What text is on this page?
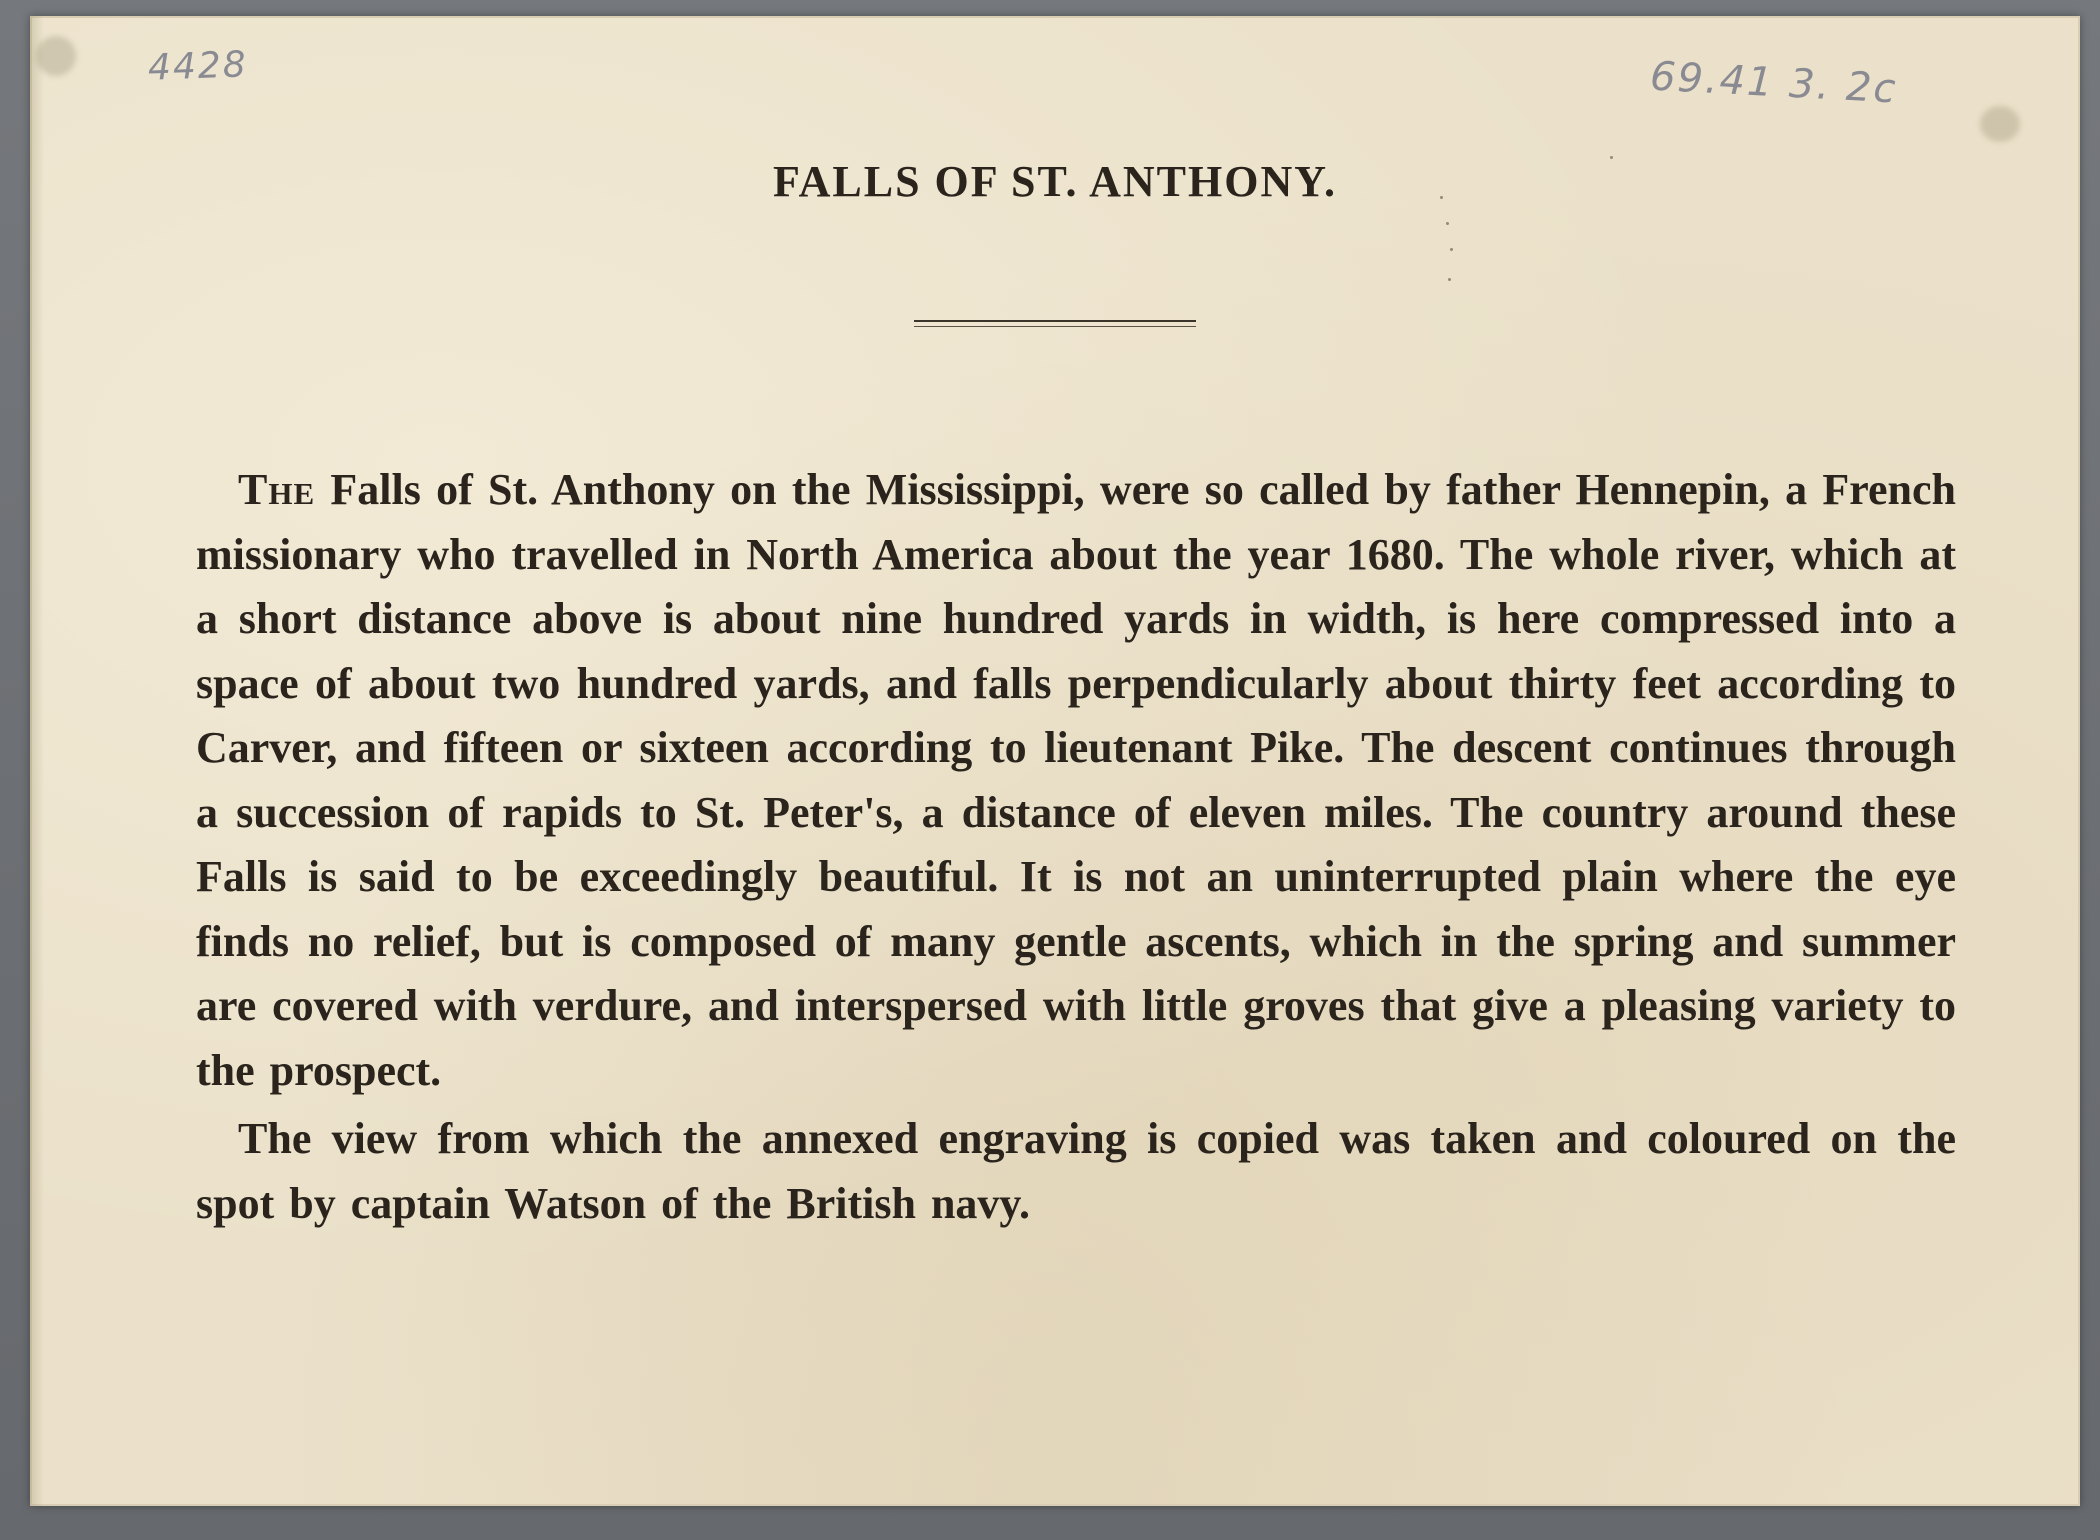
4428	69.41 3. 2c
FALLS OF ST. ANTHONY.

The Falls of St. Anthony on the Mississippi, were so called by father Hennepin, a French missionary who travelled in North America about the year 1680. The whole river, which at a short distance above is about nine hundred yards in width, is here compressed into a space of about two hundred yards, and falls perpendicularly about thirty feet according to Carver, and fifteen or sixteen according to lieutenant Pike. The descent continues through a succession of rapids to St. Peter's, a distance of eleven miles. The country around these Falls is said to be exceedingly beautiful. It is not an uninterrupted plain where the eye finds no relief, but is composed of many gentle ascents, which in the spring and summer are covered with verdure, and interspersed with little groves that give a pleasing variety to the prospect.

The view from which the annexed engraving is copied was taken and coloured on the spot by captain Watson of the British navy.
